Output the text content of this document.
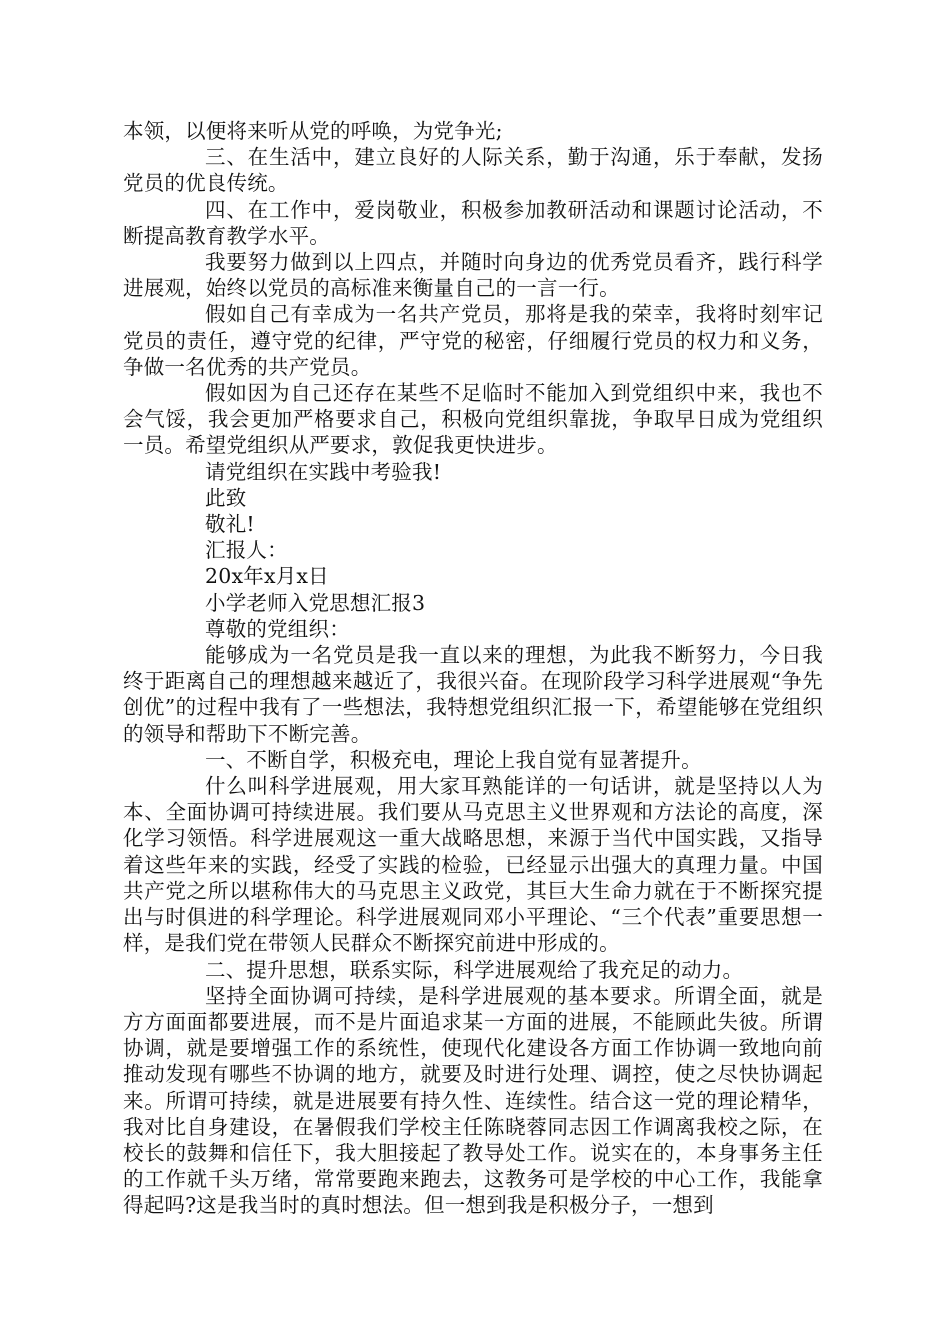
本领，以便将来听从党的呼唤，为党争光;

三、在生活中，建立良好的人际关系，勤于沟通，乐于奉献，发扬党员的优良传统。

四、在工作中，爱岗敬业，积极参加教研活动和课题讨论活动，不断提高教育教学水平。

我要努力做到以上四点，并随时向身边的优秀党员看齐，践行科学进展观，始终以党员的高标准来衡量自己的一言一行。

假如自己有幸成为一名共产党员，那将是我的荣幸，我将时刻牢记党员的责任，遵守党的纪律，严守党的秘密，仔细履行党员的权力和义务，争做一名优秀的共产党员。

假如因为自己还存在某些不足临时不能加入到党组织中来，我也不会气馁，我会更加严格要求自己，积极向党组织靠拢，争取早日成为党组织一员。希望党组织从严要求，敦促我更快进步。

请党组织在实践中考验我!

此致

敬礼!

汇报人：

20x年x月x日

小学老师入党思想汇报3

尊敬的党组织：

能够成为一名党员是我一直以来的理想，为此我不断努力，今日我终于距离自己的理想越来越近了，我很兴奋。在现阶段学习科学进展观“争先创优”的过程中我有了一些想法，我特想党组织汇报一下，希望能够在党组织的领导和帮助下不断完善。

一、不断自学，积极充电，理论上我自觉有显著提升。

什么叫科学进展观，用大家耳熟能详的一句话讲，就是坚持以人为本、全面协调可持续进展。我们要从马克思主义世界观和方法论的高度，深化学习领悟。科学进展观这一重大战略思想，来源于当代中国实践，又指导着这些年来的实践，经受了实践的检验，已经显示出强大的真理力量。中国共产党之所以堪称伟大的马克思主义政党，其巨大生命力就在于不断探究提出与时俱进的科学理论。科学进展观同邓小平理论、“三个代表”重要思想一样，是我们党在带领人民群众不断探究前进中形成的。

二、提升思想，联系实际，科学进展观给了我充足的动力。

坚持全面协调可持续，是科学进展观的基本要求。所谓全面，就是方方面面都要进展，而不是片面追求某一方面的进展，不能顾此失彼。所谓协调，就是要增强工作的系统性，使现代化建设各方面工作协调一致地向前推动发现有哪些不协调的地方，就要及时进行处理、调控，使之尽快协调起来。所谓可持续，就是进展要有持久性、连续性。结合这一党的理论精华，我对比自身建设，在暑假我们学校主任陈晓蓉同志因工作调离我校之际，在校长的鼓舞和信任下，我大胆接起了教导处工作。说实在的，本身事务主任的工作就千头万绪，常常要跑来跑去，这教务可是学校的中心工作，我能拿得起吗?这是我当时的真时想法。但一想到我是积极分子，一想到
